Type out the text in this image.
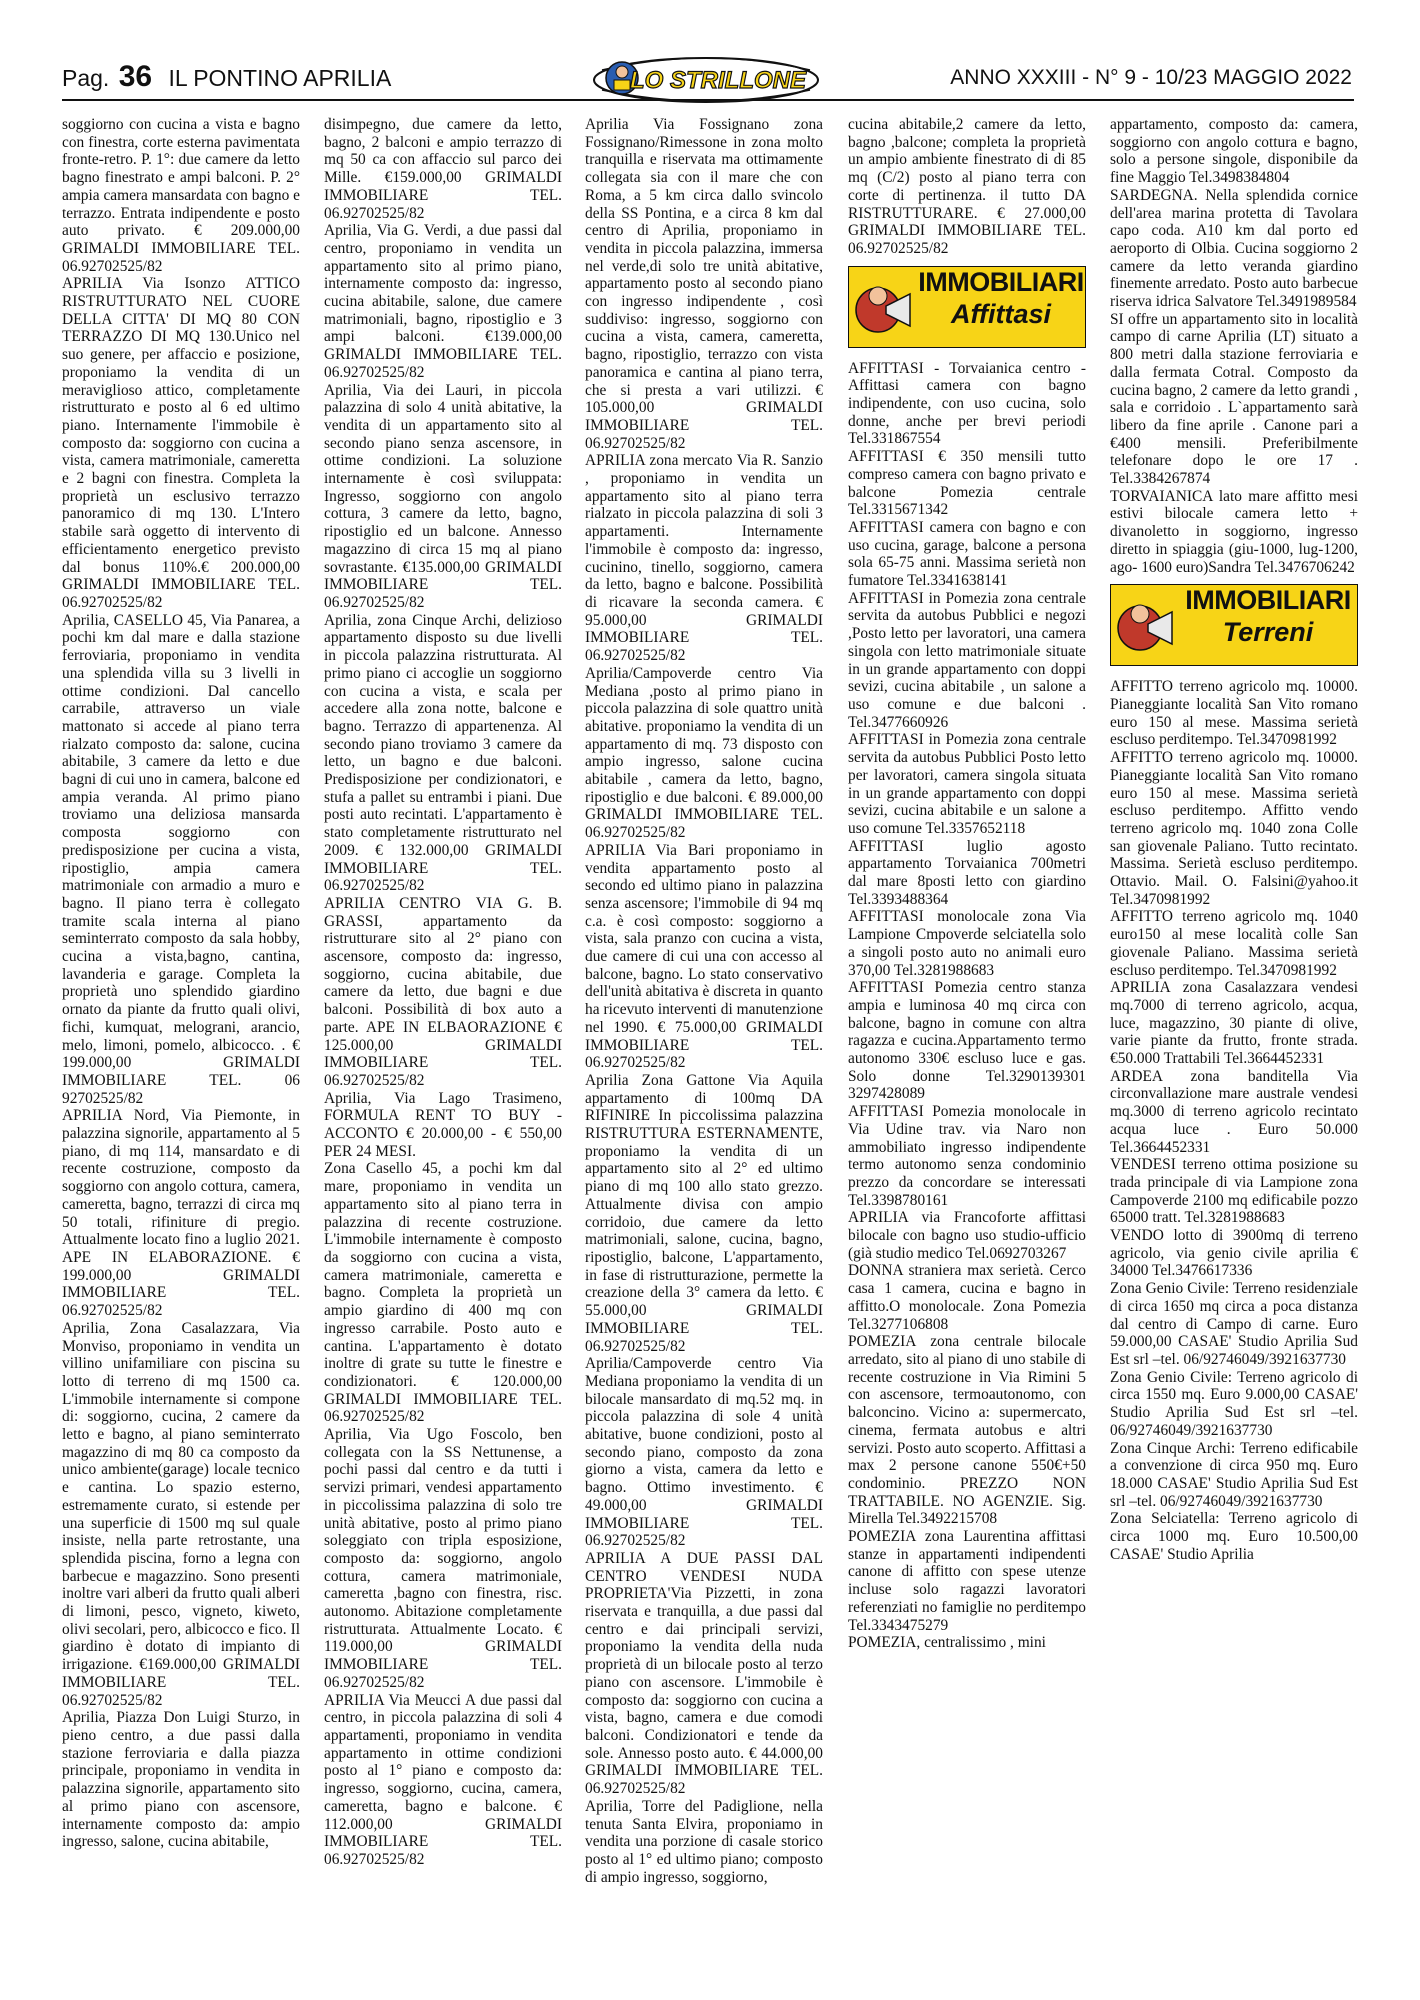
Pag. 36 IL PONTINO APRILIA	LO STRILLONE	ANNO XXXIII - N° 9 - 10/23 MAGGIO 2022

soggiorno con cucina a vista e bagno con finestra, corte esterna pavimentata fronte-retro. P. 1°: due camere da letto bagno finestrato e ampi balconi. P. 2° ampia camera mansardata con bagno e terrazzo. Entrata indipendente e posto auto privato. € 209.000,00 GRIMALDI IMMOBILIARE TEL. 06.92702525/82

APRILIA Via Isonzo ATTICO RISTRUTTURATO NEL CUORE DELLA CITTA' DI MQ 80 CON TERRAZZO DI MQ 130.Unico nel suo genere, per affaccio e posizione, proponiamo la vendita di un meraviglioso attico, completamente ristrutturato e posto al 6 ed ultimo piano. Internamente l'immobile è composto da: soggiorno con cucina a vista, camera matrimoniale, cameretta e 2 bagni con finestra. Completa la proprietà un esclusivo terrazzo panoramico di mq 130. L'Intero stabile sarà oggetto di intervento di efficientamento energetico previsto dal bonus 110%.€ 200.000,00 GRIMALDI IMMOBILIARE TEL. 06.92702525/82

Aprilia, CASELLO 45, Via Panarea, a pochi km dal mare e dalla stazione ferroviaria, proponiamo in vendita una splendida villa su 3 livelli in ottime condizioni. Dal cancello carrabile, attraverso un viale mattonato si accede al piano terra rialzato composto da: salone, cucina abitabile, 3 camere da letto e due bagni di cui uno in camera, balcone ed ampia veranda. Al primo piano troviamo una deliziosa mansarda composta soggiorno con predisposizione per cucina a vista, ripostiglio, ampia camera matrimoniale con armadio a muro e bagno. Il piano terra è collegato tramite scala interna al piano seminterrato composto da sala hobby, cucina a vista,bagno, cantina, lavanderia e garage. Completa la proprietà uno splendido giardino ornato da piante da frutto quali olivi, fichi, kumquat, melograni, arancio, melo, limoni, pomelo, albicocco. . € 199.000,00 GRIMALDI IMMOBILIARE TEL. 06 92702525/82

APRILIA Nord, Via Piemonte, in palazzina signorile, appartamento al 5 piano, di mq 114, mansardato e di recente costruzione, composto da soggiorno con angolo cottura, camera, cameretta, bagno, terrazzi di circa mq 50 totali, rifiniture di pregio. Attualmente locato fino a luglio 2021. APE IN ELABORAZIONE. € 199.000,00 GRIMALDI IMMOBILIARE TEL. 06.92702525/82

Aprilia, Zona Casalazzara, Via Monviso, proponiamo in vendita un villino unifamiliare con piscina su lotto di terreno di mq 1500 ca. L'immobile internamente si compone di: soggiorno, cucina, 2 camere da letto e bagno, al piano seminterrato magazzino di mq 80 ca composto da unico ambiente(garage) locale tecnico e cantina. Lo spazio esterno, estremamente curato, si estende per una superficie di 1500 mq sul quale insiste, nella parte retrostante, una splendida piscina, forno a legna con barbecue e magazzino. Sono presenti inoltre vari alberi da frutto quali alberi di limoni, pesco, vigneto, kiweto, olivi secolari, pero, albicocco e fico. Il giardino è dotato di impianto di irrigazione. €169.000,00 GRIMALDI IMMOBILIARE TEL. 06.92702525/82

Aprilia, Piazza Don Luigi Sturzo, in pieno centro, a due passi dalla stazione ferroviaria e dalla piazza principale, proponiamo in vendita in palazzina signorile, appartamento sito al primo piano con ascensore, internamente composto da: ampio ingresso, salone, cucina abitabile,

disimpegno, due camere da letto, bagno, 2 balconi e ampio terrazzo di mq 50 ca con affaccio sul parco dei Mille. €159.000,00 GRIMALDI IMMOBILIARE TEL. 06.92702525/82

Aprilia, Via G. Verdi, a due passi dal centro, proponiamo in vendita un appartamento sito al primo piano, internamente composto da: ingresso, cucina abitabile, salone, due camere matrimoniali, bagno, ripostiglio e 3 ampi balconi. €139.000,00 GRIMALDI IMMOBILIARE TEL. 06.92702525/82

Aprilia, Via dei Lauri, in piccola palazzina di solo 4 unità abitative, la vendita di un appartamento sito al secondo piano senza ascensore, in ottime condizioni. La soluzione internamente è così sviluppata: Ingresso, soggiorno con angolo cottura, 3 camere da letto, bagno, ripostiglio ed un balcone. Annesso magazzino di circa 15 mq al piano sovrastante. €135.000,00 GRIMALDI IMMOBILIARE TEL. 06.92702525/82

Aprilia, zona Cinque Archi, delizioso appartamento disposto su due livelli in piccola palazzina ristrutturata. Al primo piano ci accoglie un soggiorno con cucina a vista, e scala per accedere alla zona notte, balcone e bagno. Terrazzo di appartenenza. Al secondo piano troviamo 3 camere da letto, un bagno e due balconi. Predisposizione per condizionatori, e stufa a pallet su entrambi i piani. Due posti auto recintati. L'appartamento è stato completamente ristrutturato nel 2009. € 132.000,00 GRIMALDI IMMOBILIARE TEL. 06.92702525/82

APRILIA CENTRO VIA G. B. GRASSI, appartamento da ristrutturare sito al 2° piano con ascensore, composto da: ingresso, soggiorno, cucina abitabile, due camere da letto, due bagni e due balconi. Possibilità di box auto a parte. APE IN ELBAORAZIONE € 125.000,00 GRIMALDI IMMOBILIARE TEL. 06.92702525/82

Aprilia, Via Lago Trasimeno, FORMULA RENT TO BUY - ACCONTO € 20.000,00 - € 550,00 PER 24 MESI.

Zona Casello 45, a pochi km dal mare, proponiamo in vendita un appartamento sito al piano terra in palazzina di recente costruzione. L'immobile internamente è composto da soggiorno con cucina a vista, camera matrimoniale, cameretta e bagno. Completa la proprietà un ampio giardino di 400 mq con ingresso carrabile. Posto auto e cantina. L'appartamento è dotato inoltre di grate su tutte le finestre e condizionatori. € 120.000,00 GRIMALDI IMMOBILIARE TEL. 06.92702525/82

Aprilia, Via Ugo Foscolo, ben collegata con la SS Nettunense, a pochi passi dal centro e da tutti i servizi primari, vendesi appartamento in piccolissima palazzina di solo tre unità abitative, posto al primo piano soleggiato con tripla esposizione, composto da: soggiorno, angolo cottura, camera matrimoniale, cameretta ,bagno con finestra, risc. autonomo. Abitazione completamente ristrutturata. Attualmente Locato. € 119.000,00 GRIMALDI IMMOBILIARE TEL. 06.92702525/82

APRILIA Via Meucci A due passi dal centro, in piccola palazzina di soli 4 appartamenti, proponiamo in vendita appartamento in ottime condizioni posto al 1° piano e composto da: ingresso, soggiorno, cucina, camera, cameretta, bagno e balcone. € 112.000,00 GRIMALDI IMMOBILIARE TEL. 06.92702525/82

Aprilia Via Fossignano zona Fossignano/Rimessone in zona molto tranquilla e riservata ma ottimamente collegata sia con il mare che con Roma, a 5 km circa dallo svincolo della SS Pontina, e a circa 8 km dal centro di Aprilia, proponiamo in vendita in piccola palazzina, immersa nel verde,di solo tre unità abitative, appartamento posto al secondo piano con ingresso indipendente , così suddiviso: ingresso, soggiorno con cucina a vista, camera, cameretta, bagno, ripostiglio, terrazzo con vista panoramica e cantina al piano terra, che si presta a vari utilizzi. € 105.000,00 GRIMALDI IMMOBILIARE TEL. 06.92702525/82

APRILIA zona mercato Via R. Sanzio , proponiamo in vendita un appartamento sito al piano terra rialzato in piccola palazzina di soli 3 appartamenti. Internamente l'immobile è composto da: ingresso, cucinino, tinello, soggiorno, camera da letto, bagno e balcone. Possibilità di ricavare la seconda camera. € 95.000,00 GRIMALDI IMMOBILIARE TEL. 06.92702525/82

Aprilia/Campoverde centro Via Mediana ,posto al primo piano in piccola palazzina di sole quattro unità abitative. proponiamo la vendita di un appartamento di mq. 73 disposto con ampio ingresso, salone cucina abitabile , camera da letto, bagno, ripostiglio e due balconi. € 89.000,00 GRIMALDI IMMOBILIARE TEL. 06.92702525/82

APRILIA Via Bari proponiamo in vendita appartamento posto al secondo ed ultimo piano in palazzina senza ascensore; l'immobile di 94 mq c.a. è così composto: soggiorno a vista, sala pranzo con cucina a vista, due camere di cui una con accesso al balcone, bagno. Lo stato conservativo dell'unità abitativa è discreta in quanto ha ricevuto interventi di manutenzione nel 1990. € 75.000,00 GRIMALDI IMMOBILIARE TEL. 06.92702525/82

Aprilia Zona Gattone Via Aquila appartamento di 100mq DA RIFINIRE In piccolissima palazzina RISTRUTTURA ESTERNAMENTE, proponiamo la vendita di un appartamento sito al 2° ed ultimo piano di mq 100 allo stato grezzo. Attualmente divisa con ampio corridoio, due camere da letto matrimoniali, salone, cucina, bagno, ripostiglio, balcone, L'appartamento, in fase di ristrutturazione, permette la creazione della 3° camera da letto. € 55.000,00 GRIMALDI IMMOBILIARE TEL. 06.92702525/82

Aprilia/Campoverde centro Via Mediana proponiamo la vendita di un bilocale mansardato di mq.52 mq. in piccola palazzina di sole 4 unità abitative, buone condizioni, posto al secondo piano, composto da zona giorno a vista, camera da letto e bagno. Ottimo investimento. € 49.000,00 GRIMALDI IMMOBILIARE TEL. 06.92702525/82

APRILIA A DUE PASSI DAL CENTRO VENDESI NUDA PROPRIETA'Via Pizzetti, in zona riservata e tranquilla, a due passi dal centro e dai principali servizi, proponiamo la vendita della nuda proprietà di un bilocale posto al terzo piano con ascensore. L'immobile è composto da: soggiorno con cucina a vista, bagno, camera e due comodi balconi. Condizionatori e tende da sole. Annesso posto auto. € 44.000,00 GRIMALDI IMMOBILIARE TEL. 06.92702525/82

Aprilia, Torre del Padiglione, nella tenuta Santa Elvira, proponiamo in vendita una porzione di casale storico posto al 1° ed ultimo piano; composto di ampio ingresso, soggiorno,

cucina abitabile,2 camere da letto, bagno ,balcone; completa la proprietà un ampio ambiente finestrato di di 85 mq (C/2) posto al piano terra con corte di pertinenza. il tutto DA RISTRUTTURARE. € 27.000,00 GRIMALDI IMMOBILIARE TEL. 06.92702525/82

IMMOBILIARI
Affittasi

AFFITTASI - Torvaianica centro - Affittasi camera con bagno indipendente, con uso cucina, solo donne, anche per brevi periodi Tel.331867554

AFFITTASI € 350 mensili tutto compreso camera con bagno privato e balcone Pomezia centrale Tel.3315671342

AFFITTASI camera con bagno e con uso cucina, garage, balcone a persona sola 65-75 anni. Massima serietà non fumatore Tel.3341638141

AFFITTASI in Pomezia zona centrale servita da autobus Pubblici e negozi ,Posto letto per lavoratori, una camera singola con letto matrimoniale situate in un grande appartamento con doppi sevizi, cucina abitabile , un salone a uso comune e due balconi . Tel.3477660926

AFFITTASI in Pomezia zona centrale servita da autobus Pubblici Posto letto per lavoratori, camera singola situata in un grande appartamento con doppi sevizi, cucina abitabile e un salone a uso comune Tel.3357652118

AFFITTASI luglio agosto appartamento Torvaianica 700metri dal mare 8posti letto con giardino Tel.3393488364

AFFITTASI monolocale zona Via Lampione Cmpoverde selciatella solo a singoli posto auto no animali euro 370,00 Tel.3281988683

AFFITTASI Pomezia centro stanza ampia e luminosa 40 mq circa con balcone, bagno in comune con altra ragazza e cucina.Appartamento termo autonomo 330€ escluso luce e gas. Solo donne Tel.3290139301 3297428089

AFFITTASI Pomezia monolocale in Via Udine trav. via Naro non ammobiliato ingresso indipendente termo autonomo senza condominio prezzo da concordare se interessati Tel.3398780161

APRILIA via Francoforte affittasi bilocale con bagno uso studio-ufficio (già studio medico Tel.0692703267

DONNA straniera max serietà. Cerco casa 1 camera, cucina e bagno in affitto.O monolocale. Zona Pomezia Tel.3277106808

POMEZIA zona centrale bilocale arredato, sito al piano di uno stabile di recente costruzione in Via Rimini 5 con ascensore, termoautonomo, con balconcino. Vicino a: supermercato, cinema, fermata autobus e altri servizi. Posto auto scoperto. Affittasi a max 2 persone canone 550€+50 condominio. PREZZO NON TRATTABILE. NO AGENZIE. Sig. Mirella Tel.3492215708

POMEZIA zona Laurentina affittasi stanze in appartamenti indipendenti canone di affitto con spese utenze incluse solo ragazzi lavoratori referenziati no famiglie no perditempo Tel.3343475279

POMEZIA, centralissimo , mini

appartamento, composto da: camera, soggiorno con angolo cottura e bagno, solo a persone singole, disponibile da fine Maggio Tel.3498384804

SARDEGNA. Nella splendida cornice dell'area marina protetta di Tavolara capo coda. A10 km dal porto ed aeroporto di Olbia. Cucina soggiorno 2 camere da letto veranda giardino finemente arredato. Posto auto barbecue riserva idrica Salvatore Tel.3491989584

SI offre un appartamento sito in località campo di carne Aprilia (LT) situato a 800 metri dalla stazione ferroviaria e dalla fermata Cotral. Composto da cucina bagno, 2 camere da letto grandi , sala e corridoio . L`appartamento sarà libero da fine aprile . Canone pari a €400 mensili. Preferibilmente telefonare dopo le ore 17 . Tel.3384267874

TORVAIANICA lato mare affitto mesi estivi bilocale camera letto + divanoletto in soggiorno, ingresso diretto in spiaggia (giu-1000, lug-1200, ago- 1600 euro)Sandra Tel.3476706242

IMMOBILIARI
Terreni

AFFITTO terreno agricolo mq. 10000. Pianeggiante località San Vito romano euro 150 al mese. Massima serietà escluso perditempo. Tel.3470981992

AFFITTO terreno agricolo mq. 10000. Pianeggiante località San Vito romano euro 150 al mese. Massima serietà escluso perditempo. Affitto vendo terreno agricolo mq. 1040 zona Colle san giovenale Paliano. Tutto recintato. Massima. Serietà escluso perditempo. Ottavio. Mail. O. Falsini@yahoo.it Tel.3470981992

AFFITTO terreno agricolo mq. 1040 euro150 al mese località colle San giovenale Paliano. Massima serietà escluso perditempo. Tel.3470981992

APRILIA zona Casalazzara vendesi mq.7000 di terreno agricolo, acqua, luce, magazzino, 30 piante di olive, varie piante da frutto, fronte strada. €50.000 Trattabili Tel.3664452331

ARDEA zona banditella Via circonvallazione mare australe vendesi mq.3000 di terreno agricolo recintato acqua luce . Euro 50.000 Tel.3664452331

VENDESI terreno ottima posizione su trada principale di via Lampione zona Campoverde 2100 mq edificabile pozzo 65000 tratt. Tel.3281988683

VENDO lotto di 3900mq di terreno agricolo, via genio civile aprilia € 34000 Tel.3476617336

Zona Genio Civile: Terreno residenziale di circa 1650 mq circa a poca distanza dal centro di Campo di carne. Euro 59.000,00 CASAE' Studio Aprilia Sud Est srl –tel. 06/92746049/3921637730

Zona Genio Civile: Terreno agricolo di circa 1550 mq. Euro 9.000,00 CASAE' Studio Aprilia Sud Est srl –tel. 06/92746049/3921637730

Zona Cinque Archi: Terreno edificabile a convenzione di circa 950 mq. Euro 18.000 CASAE' Studio Aprilia Sud Est srl –tel. 06/92746049/3921637730

Zona Selciatella: Terreno agricolo di circa 1000 mq. Euro 10.500,00 CASAE' Studio Aprilia
